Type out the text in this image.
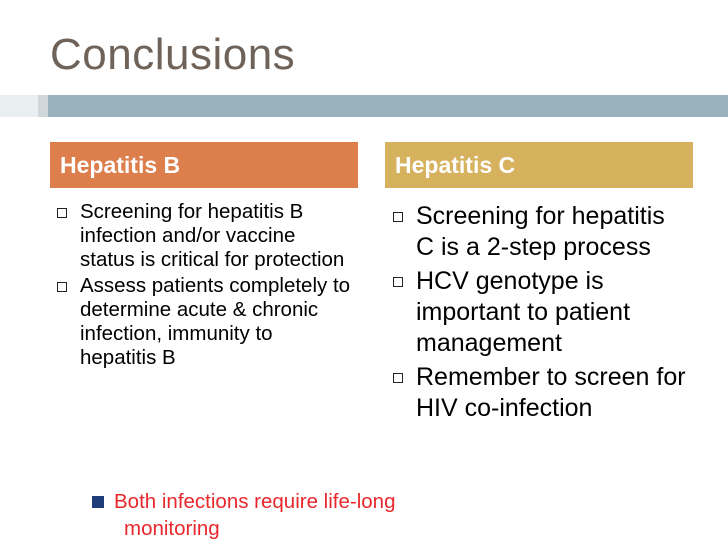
Conclusions
Hepatitis B	Hepatitis C
Screening for hepatitis B infection and/or vaccine status is critical for protection
Assess patients completely to determine acute & chronic infection, immunity to hepatitis B
Screening for hepatitis C is a 2-step process
HCV genotype is important to patient management
Remember to screen for HIV co-infection
Both infections require life-long
monitoring
